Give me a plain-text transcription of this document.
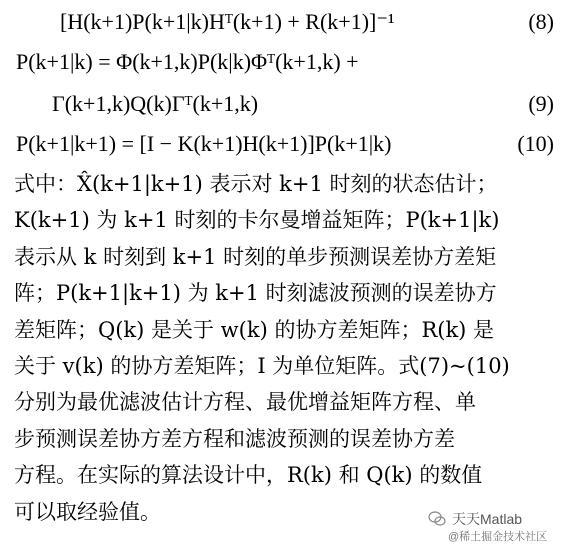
[H(k+1)P(k+1|k)Hᵀ(k+1) + R(k+1)]⁻¹	(8)
P(k+1|k) = Φ(k+1,k)P(k|k)Φᵀ(k+1,k) +
Γ(k+1,k)Q(k)Γᵀ(k+1,k)	(9)
P(k+1|k+1) = [I − K(k+1)H(k+1)]P(k+1|k)	(10)
式中：X̂(k+1|k+1) 表示对 k+1 时刻的状态估计；
K(k+1) 为 k+1 时刻的卡尔曼增益矩阵；P(k+1|k)
表示从 k 时刻到 k+1 时刻的单步预测误差协方差矩
阵；P(k+1|k+1) 为 k+1 时刻滤波预测的误差协方
差矩阵；Q(k) 是关于 w(k) 的协方差矩阵；R(k) 是
关于 v(k) 的协方差矩阵；I 为单位矩阵。式(7)~(10)
分别为最优滤波估计方程、最优增益矩阵方程、单
步预测误差协方差方程和滤波预测的误差协方差
方程。在实际的算法设计中，R(k) 和 Q(k) 的数值
可以取经验值。	天天Matlab
@稀土掘金技术社区
